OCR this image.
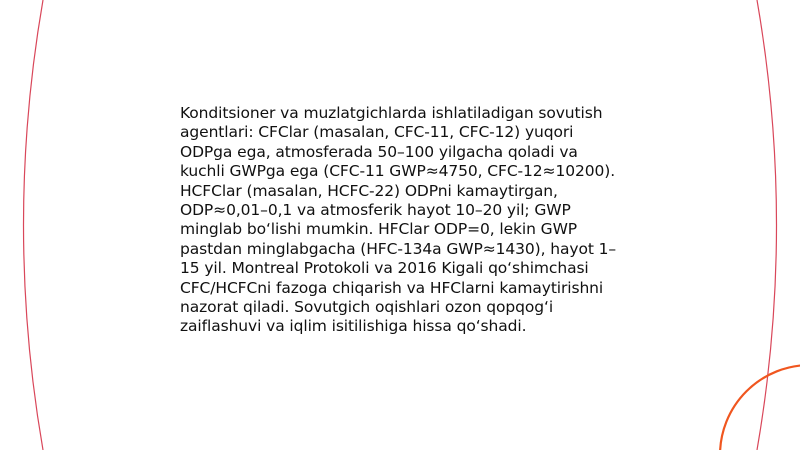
Konditsioner va muzlatgichlarda ishlatiladigan sovutish agentlari: CFClar (masalan, CFC-11, CFC-12) yuqori ODPga ega, atmosferada 50–100 yilgacha qoladi va kuchli GWPga ega (CFC-11 GWP≈4750, CFC-12≈10200). HCFClar (masalan, HCFC-22) ODPni kamaytirgan, ODP≈0,01–0,1 va atmosferik hayot 10–20 yil; GWP minglab bo‘lishi mumkin. HFClar ODP=0, lekin GWP pastdan minglabgacha (HFC-134a GWP≈1430), hayot 1–15 yil. Montreal Protokoli va 2016 Kigali qo‘shimchasi CFC/HCFCni fazoga chiqarish va HFClarni kamaytirishni nazorat qiladi. Sovutgich oqishlari ozon qopqog‘i zaiflashuvi va iqlim isitilishiga hissa qo‘shadi.
